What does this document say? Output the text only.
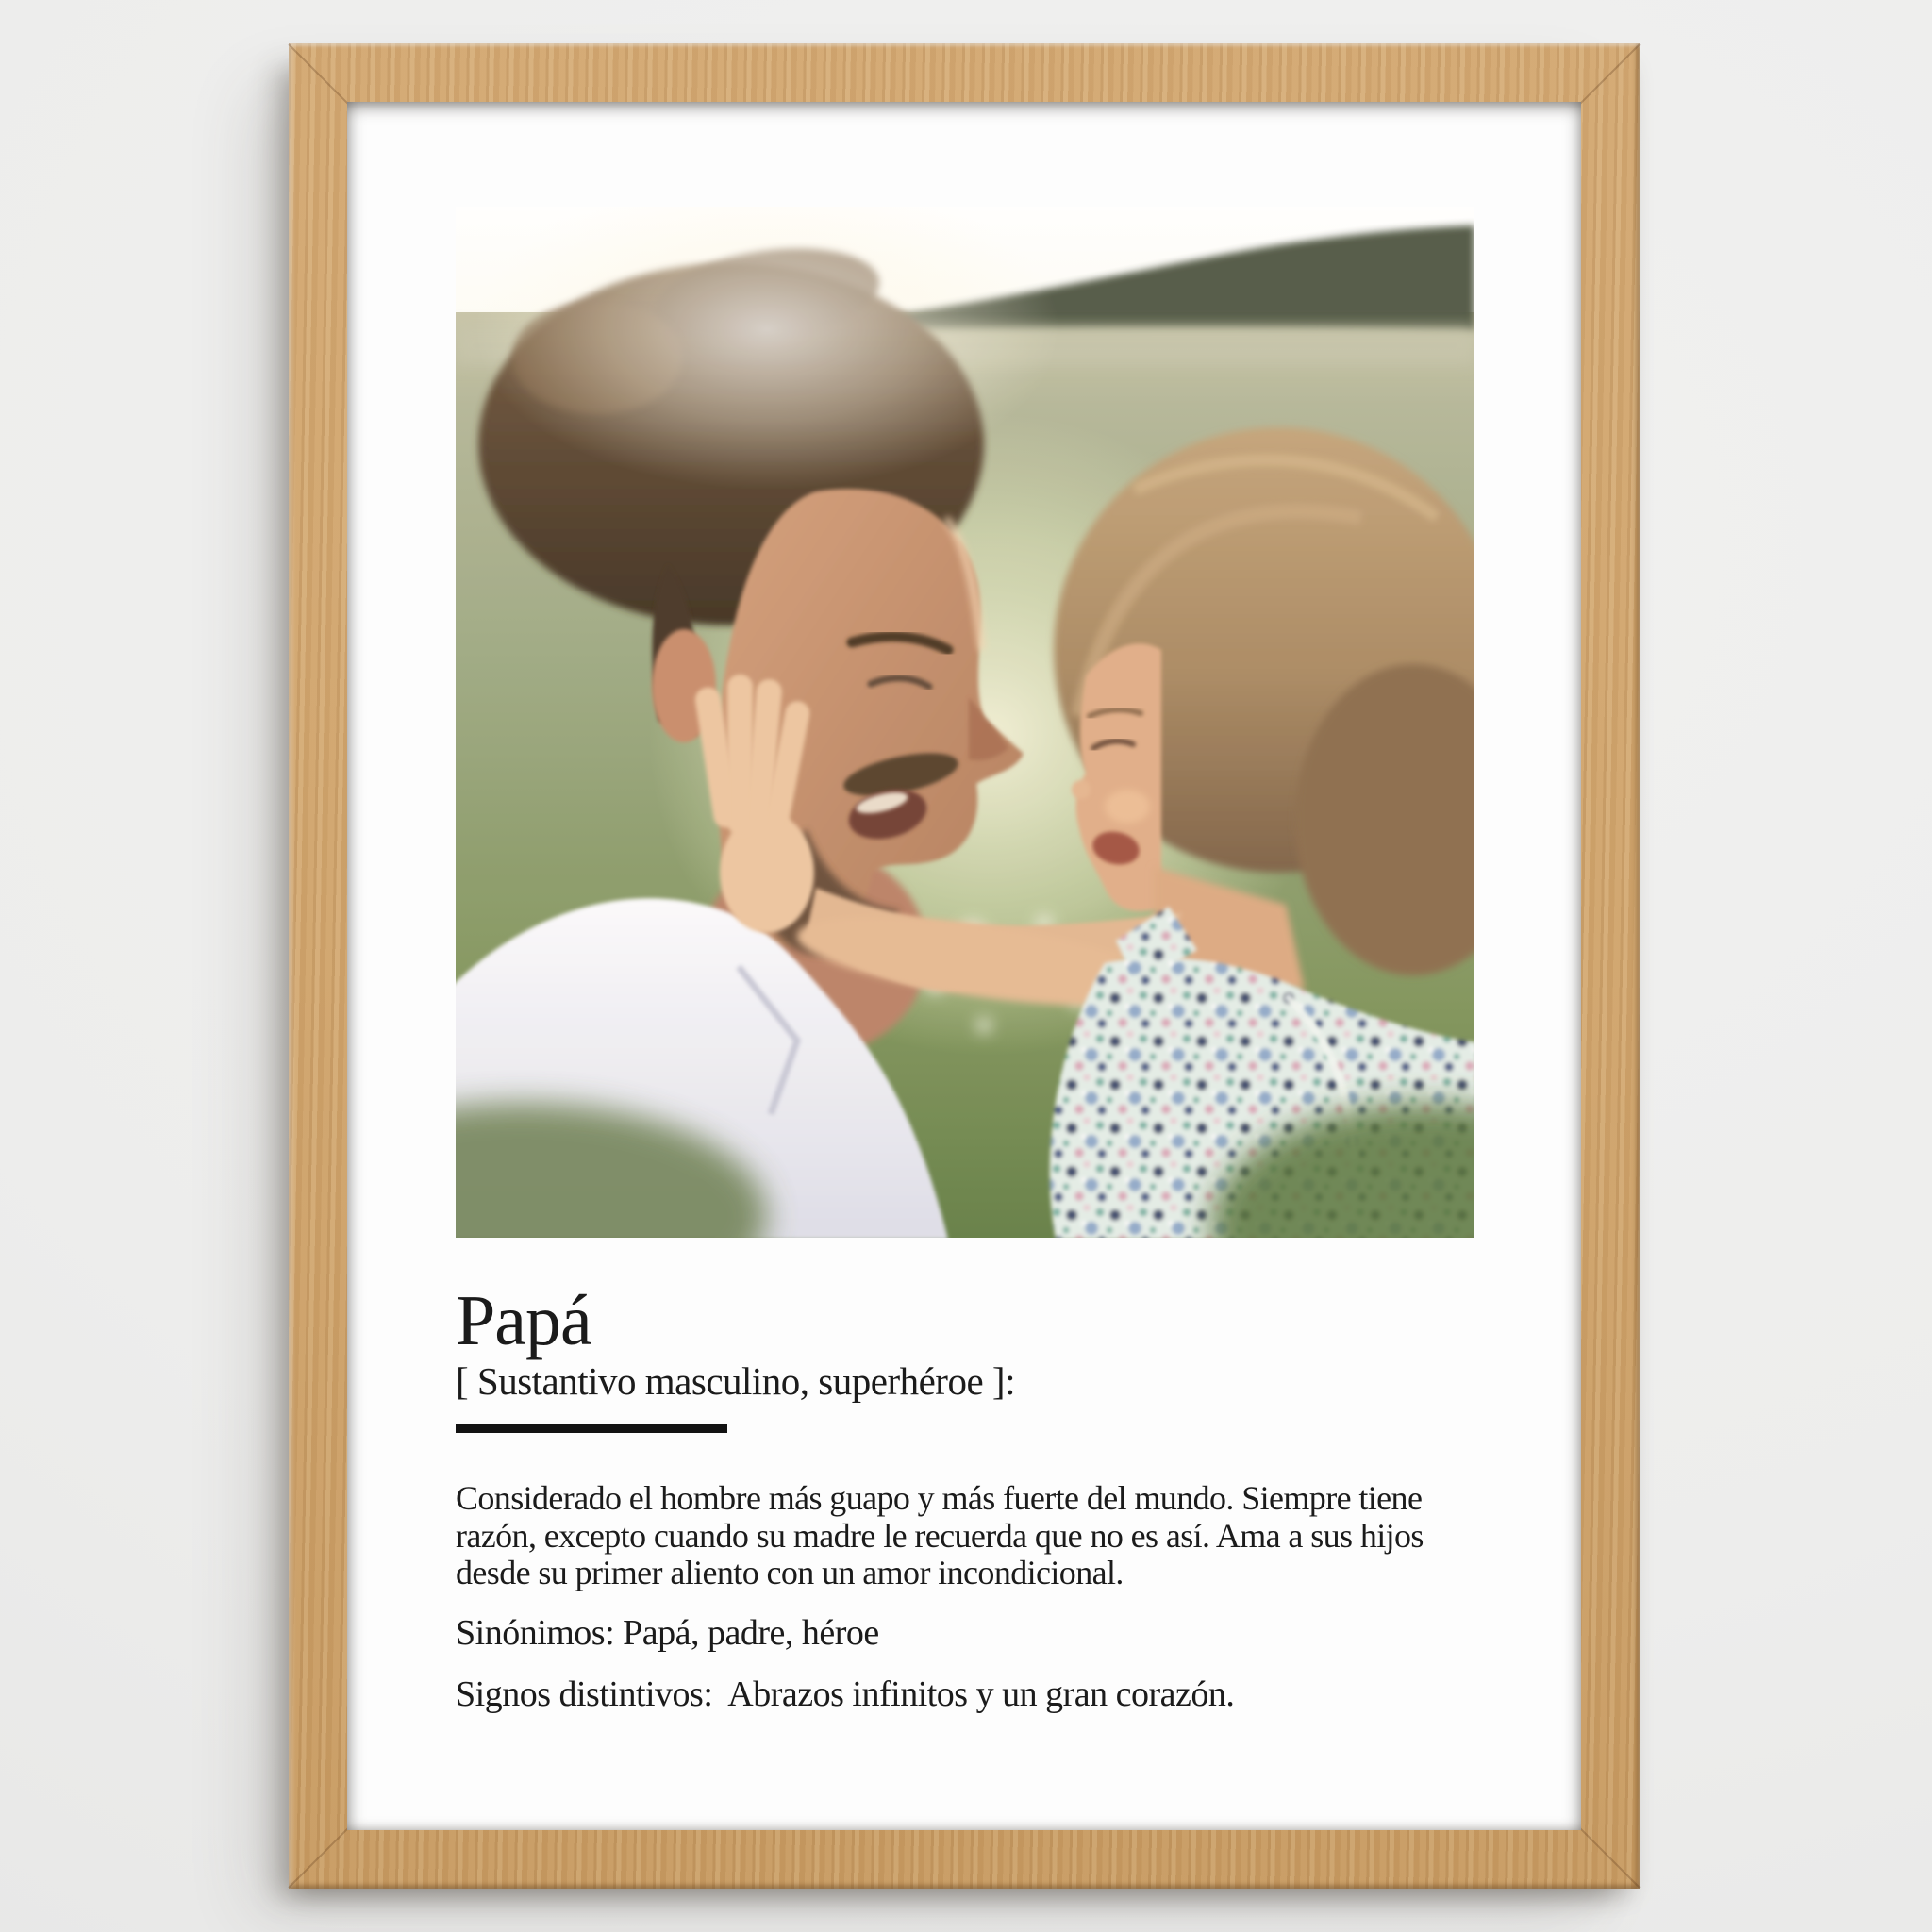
Papá
[ Sustantivo masculino, superhéroe ]:
Considerado el hombre más guapo y más fuerte del mundo. Siempre tiene razón, excepto cuando su madre le recuerda que no es así. Ama a sus hijos desde su primer aliento con un amor incondicional.
Sinónimos: Papá, padre, héroe
Signos distintivos:  Abrazos infinitos y un gran corazón.
